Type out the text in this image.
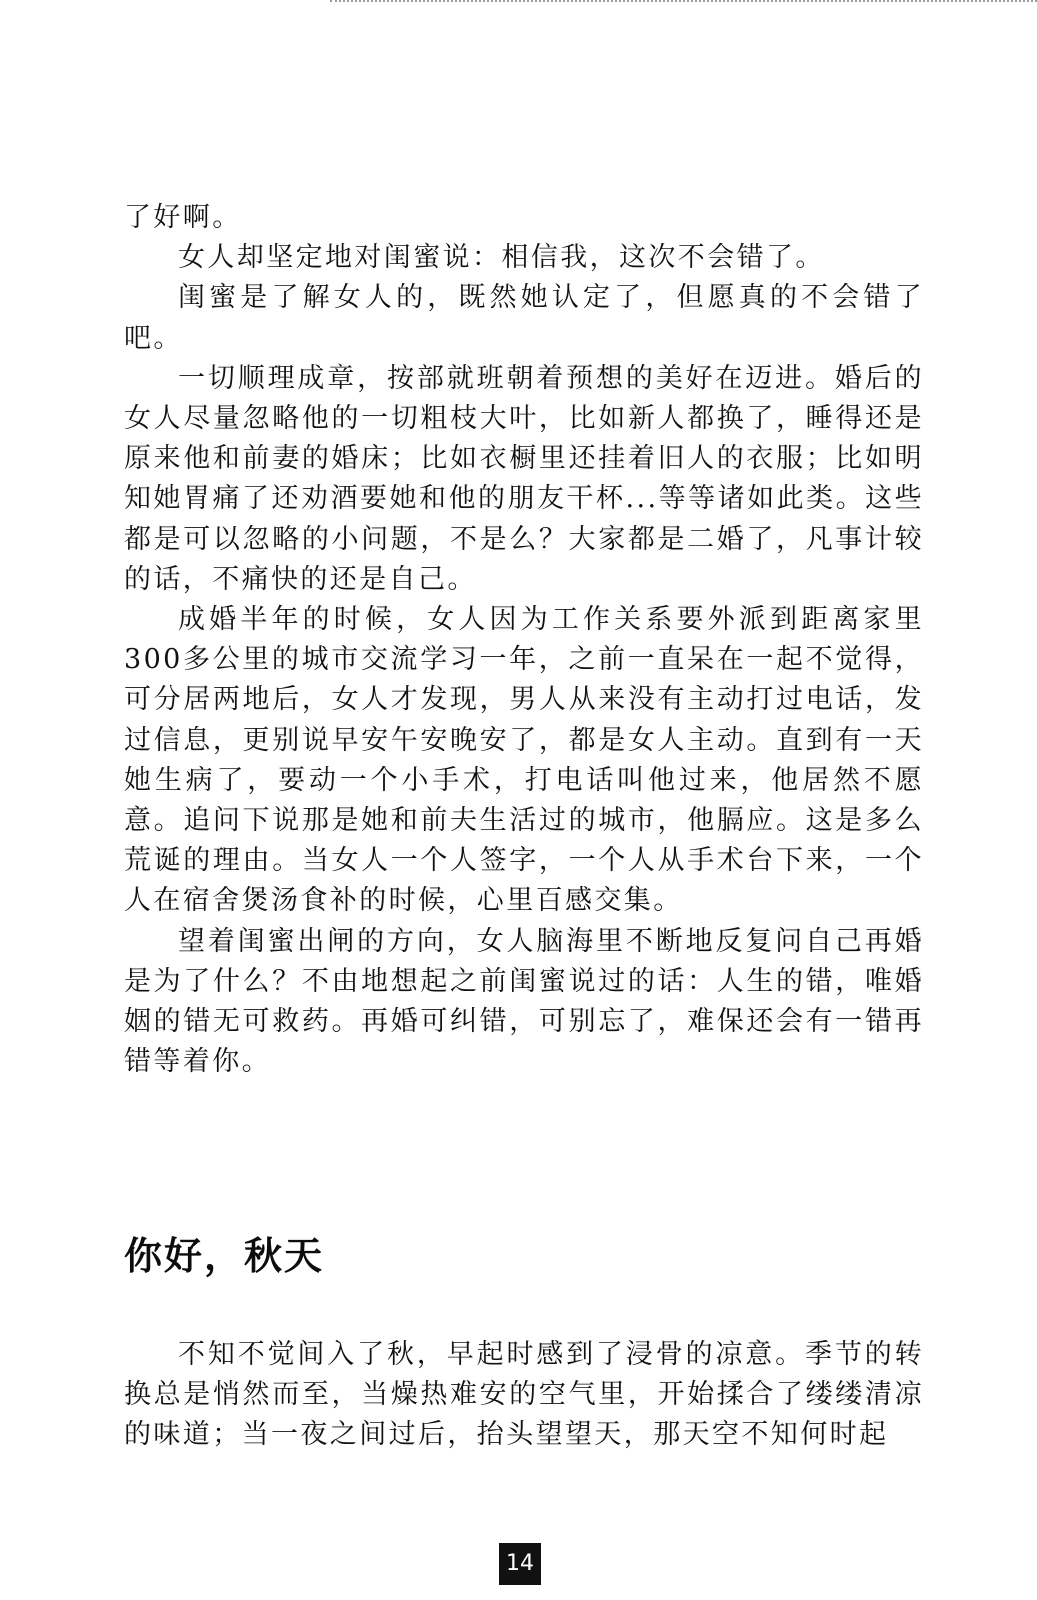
了好啊。

女人却坚定地对闺蜜说：相信我，这次不会错了。

闺蜜是了解女人的，既然她认定了，但愿真的不会错了吧。

一切顺理成章，按部就班朝着预想的美好在迈进。婚后的女人尽量忽略他的一切粗枝大叶，比如新人都换了，睡得还是原来他和前妻的婚床；比如衣橱里还挂着旧人的衣服；比如明知她胃痛了还劝酒要她和他的朋友干杯...等等诸如此类。这些都是可以忽略的小问题，不是么？大家都是二婚了，凡事计较的话，不痛快的还是自己。

成婚半年的时候，女人因为工作关系要外派到距离家里300多公里的城市交流学习一年，之前一直呆在一起不觉得，可分居两地后，女人才发现，男人从来没有主动打过电话，发过信息，更别说早安午安晚安了，都是女人主动。直到有一天她生病了，要动一个小手术，打电话叫他过来，他居然不愿意。追问下说那是她和前夫生活过的城市，他膈应。这是多么荒诞的理由。当女人一个人签字，一个人从手术台下来，一个人在宿舍煲汤食补的时候，心里百感交集。

望着闺蜜出闸的方向，女人脑海里不断地反复问自己再婚是为了什么？不由地想起之前闺蜜说过的话：人生的错，唯婚姻的错无可救药。再婚可纠错，可别忘了，难保还会有一错再错等着你。

你好，秋天

不知不觉间入了秋，早起时感到了浸骨的凉意。季节的转换总是悄然而至，当燥热难安的空气里，开始揉合了缕缕清凉的味道；当一夜之间过后，抬头望望天，那天空不知何时起

14
